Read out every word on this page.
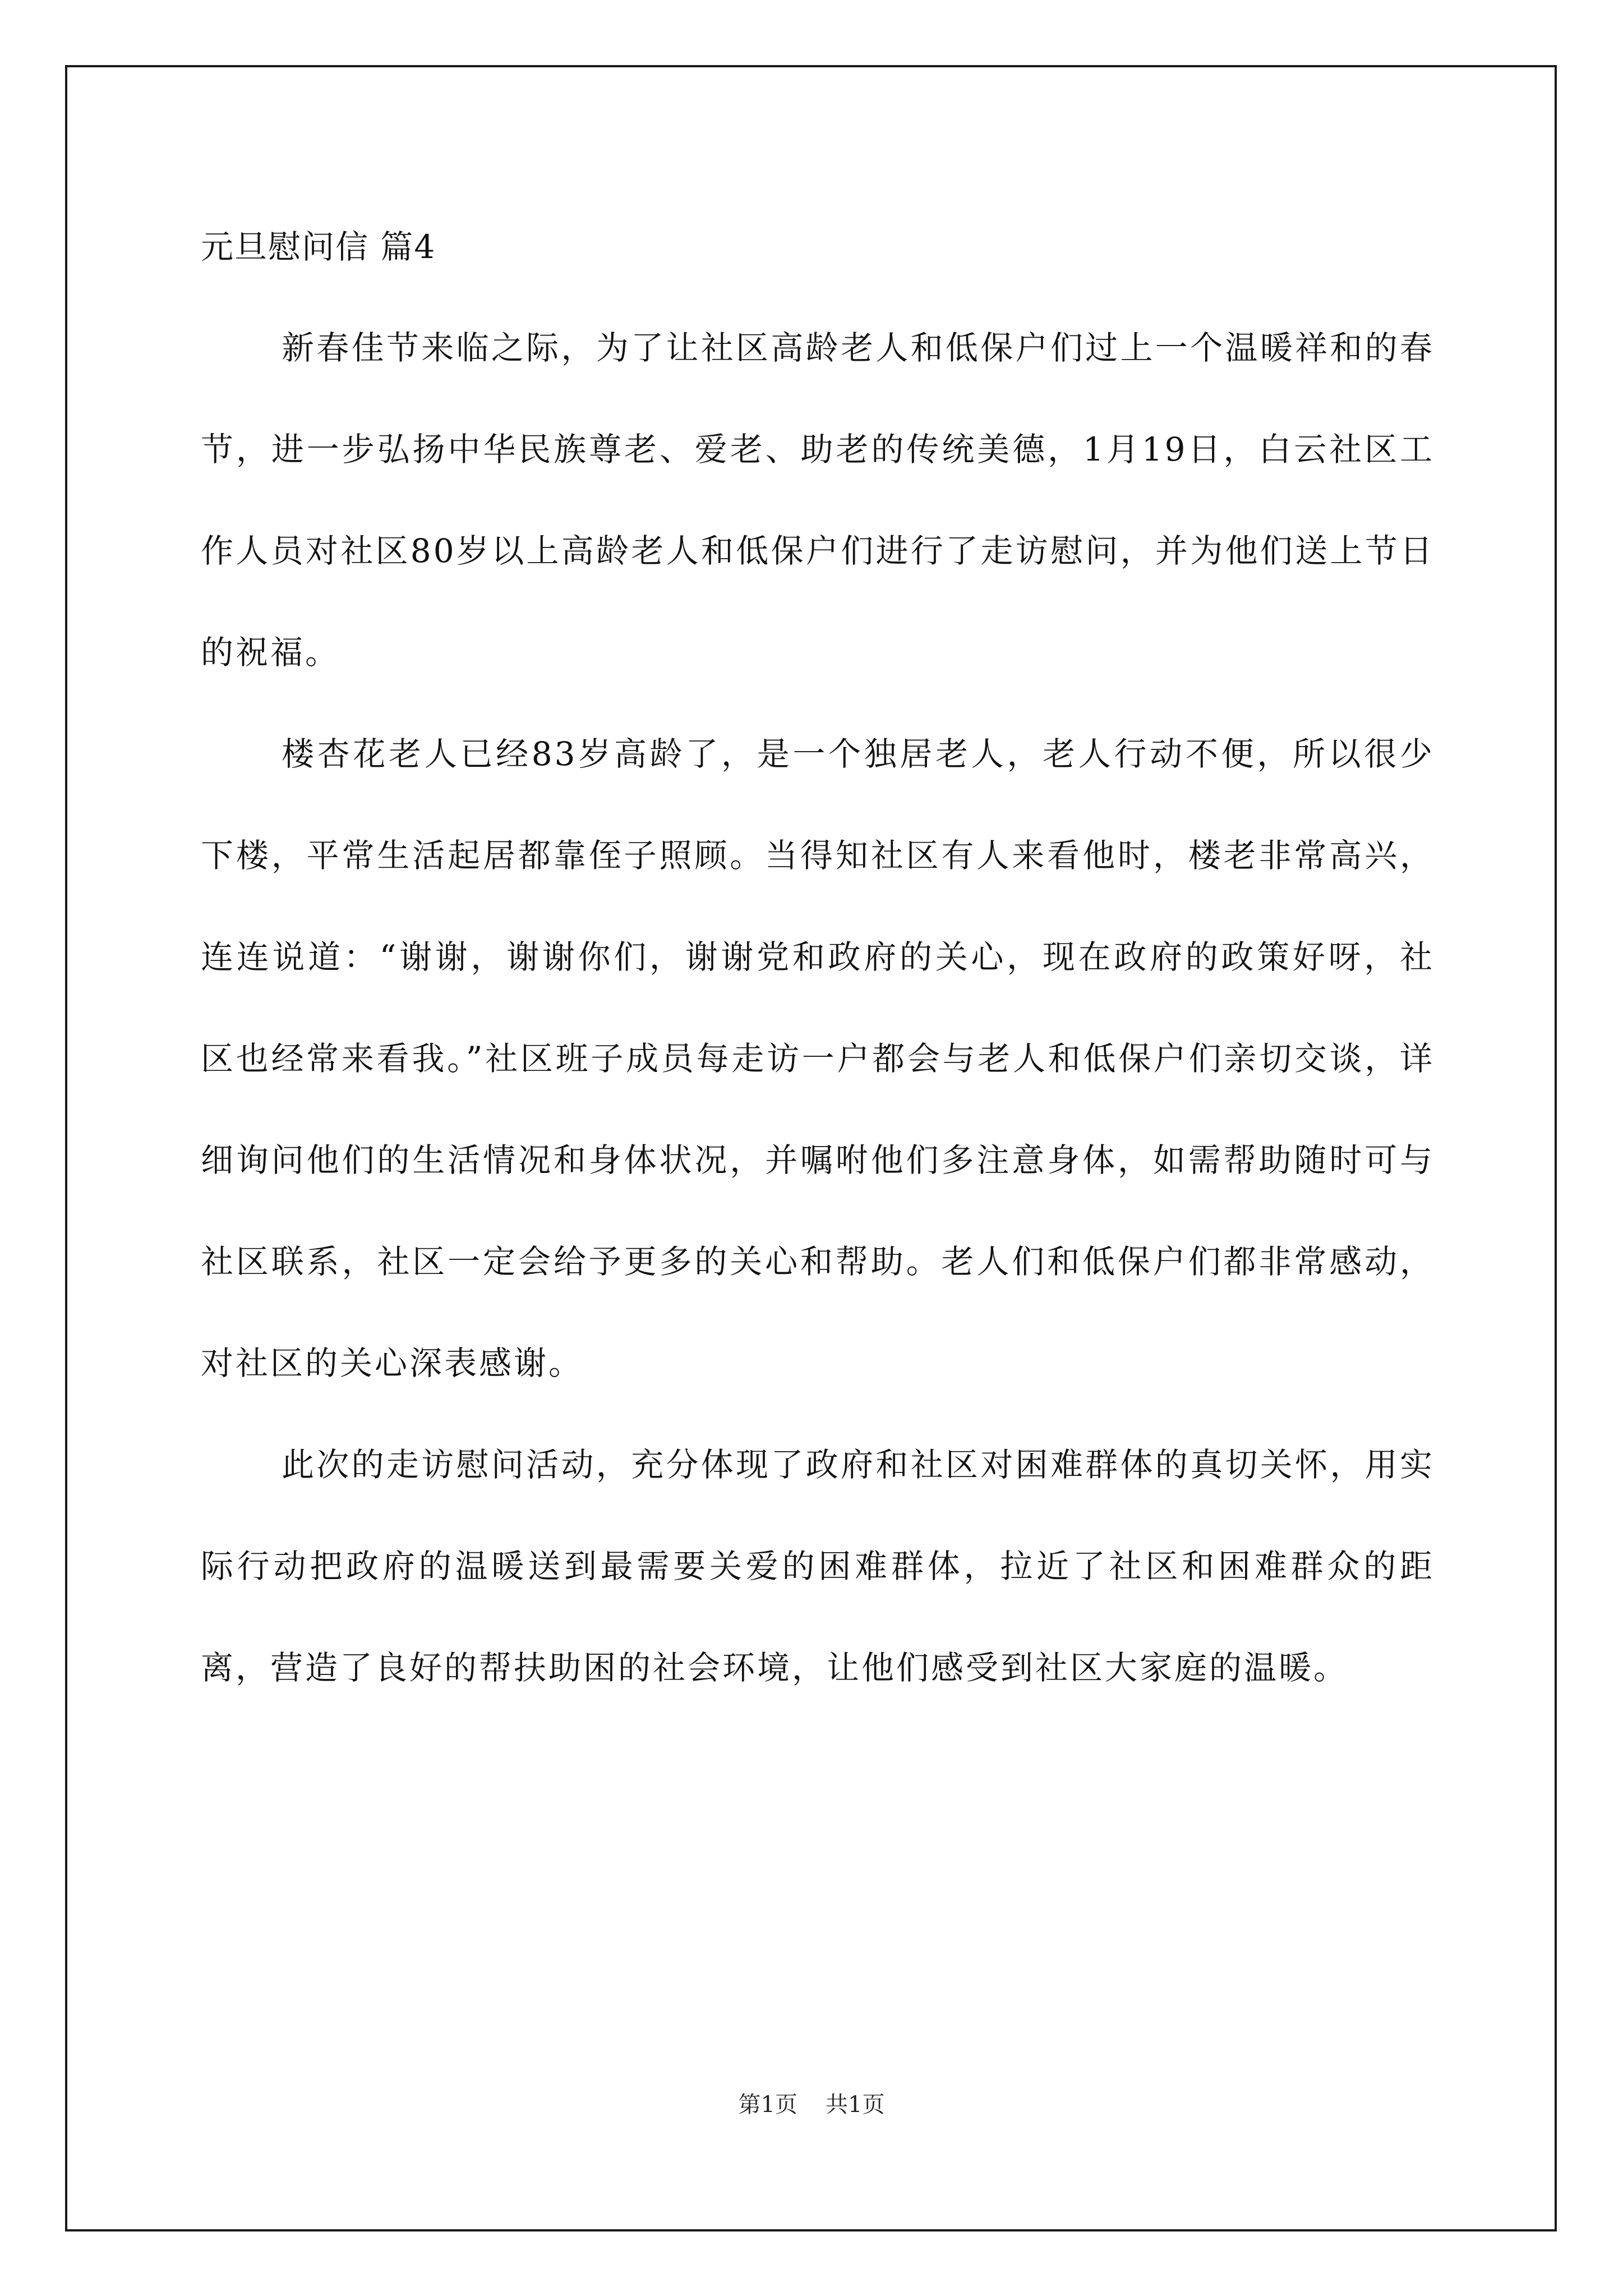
元旦慰问信 篇4

新春佳节来临之际，为了让社区高龄老人和低保户们过上一个温暖祥和的春节，进一步弘扬中华民族尊老、爱老、助老的传统美德，1月19日，白云社区工作人员对社区80岁以上高龄老人和低保户们进行了走访慰问，并为他们送上节日的祝福。

楼杏花老人已经83岁高龄了，是一个独居老人，老人行动不便，所以很少下楼，平常生活起居都靠侄子照顾。当得知社区有人来看他时，楼老非常高兴，连连说道：“谢谢，谢谢你们，谢谢党和政府的关心，现在政府的政策好呀，社区也经常来看我。”社区班子成员每走访一户都会与老人和低保户们亲切交谈，详细询问他们的生活情况和身体状况，并嘱咐他们多注意身体，如需帮助随时可与社区联系，社区一定会给予更多的关心和帮助。老人们和低保户们都非常感动，对社区的关心深表感谢。

此次的走访慰问活动，充分体现了政府和社区对困难群体的真切关怀，用实际行动把政府的温暖送到最需要关爱的困难群体，拉近了社区和困难群众的距离，营造了良好的帮扶助困的社会环境，让他们感受到社区大家庭的温暖。

第1页 共1页
